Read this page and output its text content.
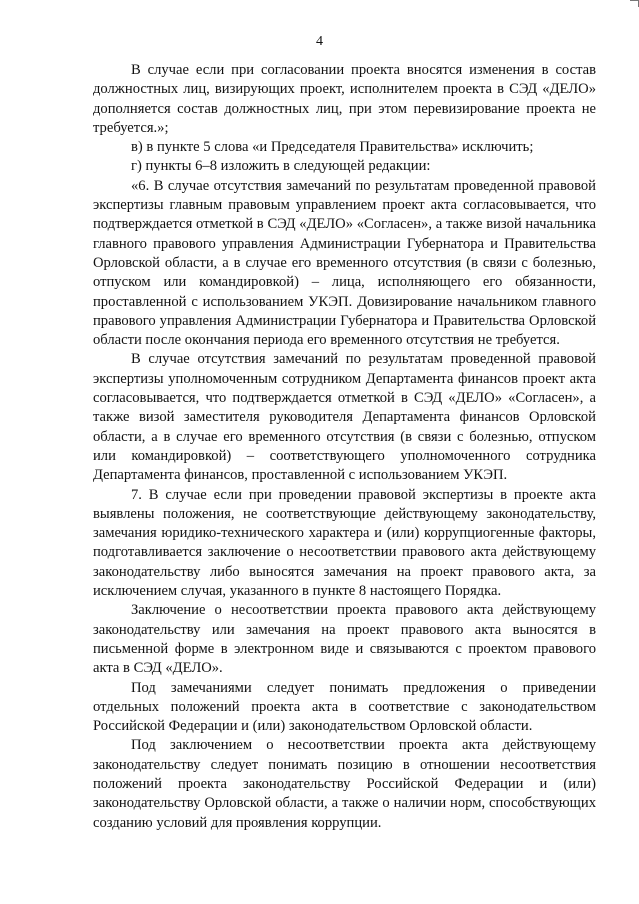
4

В случае если при согласовании проекта вносятся изменения в состав должностных лиц, визирующих проект, исполнителем проекта в СЭД «ДЕЛО» дополняется состав должностных лиц, при этом перевизирование проекта не требуется.»;

в) в пункте 5 слова «и Председателя Правительства» исключить;

г) пункты 6–8 изложить в следующей редакции:

«6. В случае отсутствия замечаний по результатам проведенной правовой экспертизы главным правовым управлением проект акта согласовывается, что подтверждается отметкой в СЭД «ДЕЛО» «Согласен», а также визой начальника главного правового управления Администрации Губернатора и Правительства Орловской области, а в случае его временного отсутствия (в связи с болезнью, отпуском или командировкой) – лица, исполняющего его обязанности, проставленной с использованием УКЭП. Довизирование начальником главного правового управления Администрации Губернатора и Правительства Орловской области после окончания периода его временного отсутствия не требуется.

В случае отсутствия замечаний по результатам проведенной правовой экспертизы уполномоченным сотрудником Департамента финансов проект акта согласовывается, что подтверждается отметкой в СЭД «ДЕЛО» «Согласен», а также визой заместителя руководителя Департамента финансов Орловской области, а в случае его временного отсутствия (в связи с болезнью, отпуском или командировкой) – соответствующего уполномоченного сотрудника Департамента финансов, проставленной с использованием УКЭП.

7. В случае если при проведении правовой экспертизы в проекте акта выявлены положения, не соответствующие действующему законодательству, замечания юридико-технического характера и (или) коррупциогенные факторы, подготавливается заключение о несоответствии правового акта действующему законодательству либо выносятся замечания на проект правового акта, за исключением случая, указанного в пункте 8 настоящего Порядка.

Заключение о несоответствии проекта правового акта действующему законодательству или замечания на проект правового акта выносятся в письменной форме в электронном виде и связываются с проектом правового акта в СЭД «ДЕЛО».

Под замечаниями следует понимать предложения о приведении отдельных положений проекта акта в соответствие с законодательством Российской Федерации и (или) законодательством Орловской области.

Под заключением о несоответствии проекта акта действующему законодательству следует понимать позицию в отношении несоответствия положений проекта законодательству Российской Федерации и (или) законодательству Орловской области, а также о наличии норм, способствующих созданию условий для проявления коррупции.
